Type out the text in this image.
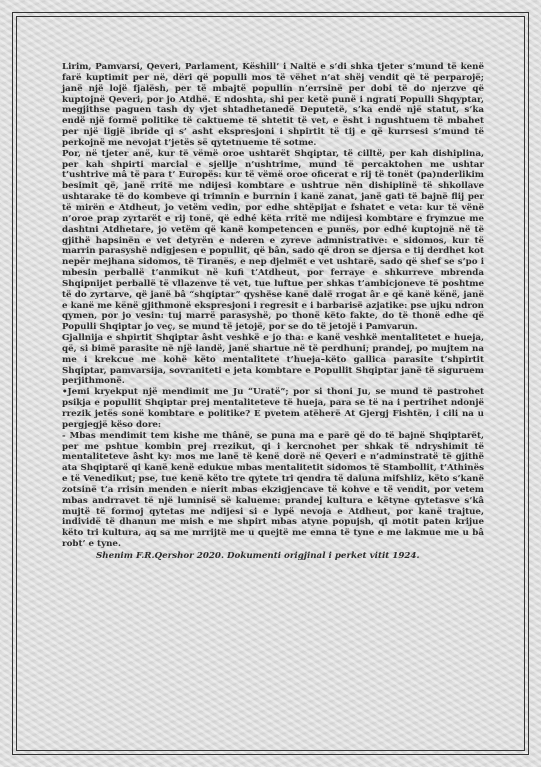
Lirim, Pamvarsi, Qeveri, Parlament, Këshill’ i Naltë e s’di shka tjeter s’mund të kenë farë kuptimit per në, dëri që populli mos të vëhet n’at shëj vendit që të perparojë; janë një lojë fjalësh, per të mbajtë popullin n’errsinë per dobi të do njerzve që kuptojnë Qeveri, por jo Atdhë. E ndoshta, shi per ketë punë i ngrati Populli Shqyptar, megjithse paguen tash dy vjet shtadhetanedë Deputetë, s’ka endë një statut, s’ka endë një formë politike të caktueme të shtetit të vet, e ësht i ngushtuem të mbahet per një ligjë ibride qi s’ asht ekspresjoni i shpirtit të tij e që kurrsesi s’mund të perkojnë me nevojat t’jetës së qytetnueme të sotme.

Por, në tjeter anë, kur të vëmë oroe ushtarët Shqiptar, të cilltë, per kah dishiplina, per kah shpirti marcial e sjellje n’ushtrime, mund të percaktohen me ushtar t’ushtrive mâ të para t’ Europës: kur të vëmë oroe oficerat e rij të tonët (pa)nderlikim besimit që, janë rritë me ndijesi kombtare e ushtrue nën dishiplinë të shkollave ushtarake të do kombeve qi trimnin e burrnin i kanë zanat, janë gati të bajnë flij per të mirën e Atdheut, jo vetëm vedin, por edhe shtëpijat e fshatet e veta: kur të vënë n’oroe prap zyrtarët e rij tonë, që edhé këta rritë me ndijesi kombtare e frymzue me dashtni Atdhetare, jo vetëm që kanë kompetencen e punës, por edhé kuptojnë në të gjithë hapsinën e vet detyrën e nderen e zyreve admnistrative: e sidomos, kur të marrin parasyshë ndigjesen e popullit, që bân, sado që dron se djersa e tij derdhet kot nepër mejhana sidomos, të Tiranës, e nep djelmët e vet ushtarë, sado që shef se s’po i mbesin perballë t’anmikut në kufi t’Atdheut, por ferraye e shkurreve mbrenda Shqipnijet perballë të vllazenve të vet, tue luftue per shkas t’ambicjoneve të poshtme të do zyrtarve, që janë bâ “shqiptar” qyshëse kanë dalë rrogat âr e që kanë kënë, janë e kanë me kënë gjithmonë ekspresjoni i regresit e i barbarisë azjatike: pse ujku ndron qymen, por jo vesin: tuj marrë parasyshë, po thonë këto fakte, do të thonë edhe që Populli Shqiptar jo veç, se mund të jetojë, por se do të jetojë i Pamvarun.

Gjallnija e shpirtit Shqiptar âsht veshkë e jo tha: e kanë veshkë mentalitetet e hueja, që, si bimë parasite në një landë, janë shartue në të perdhuni; prandej, po mujtem na me i krekcue me kohë këto mentalitete t’hueja–këto gallica parasite t’shpirtit Shqiptar, pamvarsija, sovraniteti e jeta kombtare e Popullit Shqiptar janë të siguruem perjithmonë.

•Jemi kryekput një mendimit me Ju “Uratë”; por si thoni Ju, se mund të pastrohet psikja e popullit Shqiptar prej mentaliteteve të hueja, para se të na i pertrihet ndonjë rrezik jetës sonë kombtare e politike? E pvetem atëherë At Gjergj Fishtën, i cili na u pergjegjë këso dore:

- Mbas mendimit tem kishe me thânë, se puna ma e parë që do të bajnë Shqiptarët, per me pshtue kombin prej rrezikut, qi i kercnohet per shkak të ndryshimit të mentaliteteve âsht ky: mos me lanë të kenë dorë në Qeveri e n’adminstratë të gjithë ata Shqiptarë qi kanë kenë edukue mbas mentalitetit sidomos të Stambollit, t’Athinës e të Venedikut; pse, tue kenë këto tre qytete tri qendra të daluna mifshliz, këto s’kanë zotsinë t’a rrisin menden e nierit mbas ekzigjencave të kohve e të vendit, por vetem mbas andrravet të një lumnisë së kalueme: prandej kultura e këtyne qytetasve s’kâ mujtë të formoj qytetas me ndijesi si e lypë nevoja e Atdheut, por kanë trajtue, individë të dhanun me mish e me shpirt mbas atyne popujsh, qi motit paten krijue këto tri kultura, aq sa me mrrijtë me u quejtë me emna të tyne e me lakmue me u bâ robt’ e tyne.

Shenim F.R.Qershor 2020. Dokumenti origjinal i perket vitit 1924.
